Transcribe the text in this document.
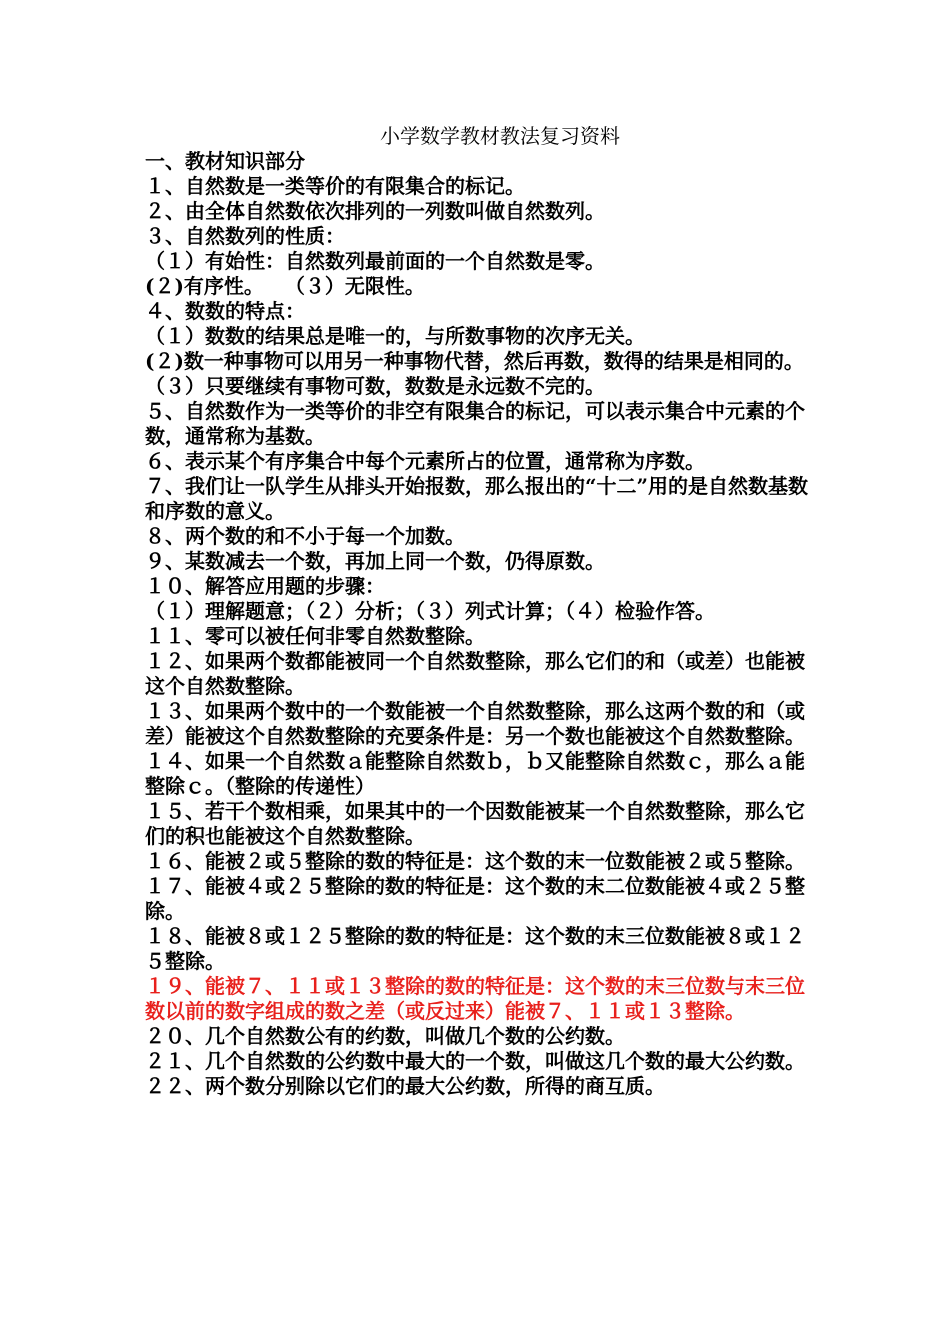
小学数学教材教法复习资料
一、教材知识部分
１、自然数是一类等价的有限集合的标记。
２、由全体自然数依次排列的一列数叫做自然数列。
３、自然数列的性质：
（１）有始性：自然数列最前面的一个自然数是零。
(２)有序性。   （３）无限性。
４、数数的特点：
（１）数数的结果总是唯一的，与所数事物的次序无关。
(２)数一种事物可以用另一种事物代替，然后再数，数得的结果是相同的。
（３）只要继续有事物可数，数数是永远数不完的。
５、自然数作为一类等价的非空有限集合的标记，可以表示集合中元素的个数，通常称为基数。
６、表示某个有序集合中每个元素所占的位置，通常称为序数。
７、我们让一队学生从排头开始报数，那么报出的“十二”用的是自然数基数和序数的意义。
８、两个数的和不小于每一个加数。
９、某数减去一个数，再加上同一个数，仍得原数。
１０、解答应用题的步骤：
（１）理解题意；（２）分析；（３）列式计算；（４）检验作答。
１１、零可以被任何非零自然数整除。
１２、如果两个数都能被同一个自然数整除，那么它们的和（或差）也能被这个自然数整除。
１３、如果两个数中的一个数能被一个自然数整除，那么这两个数的和（或差）能被这个自然数整除的充要条件是：另一个数也能被这个自然数整除。
１４、如果一个自然数ａ能整除自然数ｂ，ｂ又能整除自然数ｃ，那么ａ能整除ｃ。（整除的传递性）
１５、若干个数相乘，如果其中的一个因数能被某一个自然数整除，那么它们的积也能被这个自然数整除。
１６、能被２或５整除的数的特征是：这个数的末一位数能被２或５整除。
１７、能被４或２５整除的数的特征是：这个数的末二位数能被４或２５整除。
１８、能被８或１２５整除的数的特征是：这个数的末三位数能被８或１２５整除。
１９、能被７、１１或１３整除的数的特征是：这个数的末三位数与末三位数以前的数字组成的数之差（或反过来）能被７、１１或１３整除。
２０、几个自然数公有的约数，叫做几个数的公约数。
２１、几个自然数的公约数中最大的一个数，叫做这几个数的最大公约数。
２２、两个数分别除以它们的最大公约数，所得的商互质。
